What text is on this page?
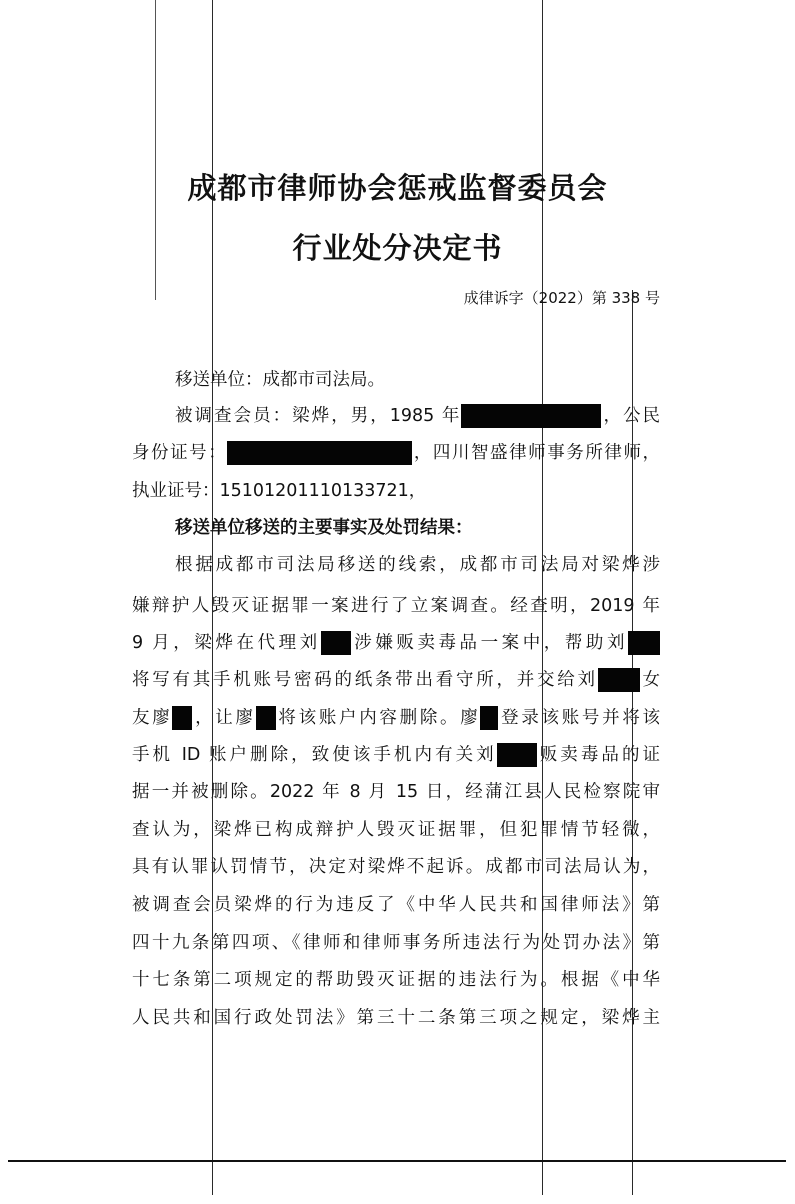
成都市律师协会惩戒监督委员会
行业处分决定书
成律诉字（2022）第 338 号
移送单位：成都市司法局。
被调查会员：梁烨，男，1985 年	，公民
身份证号：	，四川智盛律师事务所律师，
执业证号：15101201110133721，
移送单位移送的主要事实及处罚结果：
根据成都市司法局移送的线索，成都市司法局对梁烨涉
嫌辩护人毁灭证据罪一案进行了立案调查。经查明，2019 年
9 月，梁烨在代理刘 涉嫌贩卖毒品一案中，帮助刘
将写有其手机账号密码的纸条带出看守所，并交给刘 女
友廖 ，让廖 将该账户内容删除。廖 登录该账号并将该
手机 ID 账户删除，致使该手机内有关刘 贩卖毒品的证
据一并被删除。2022 年 8 月 15 日，经蒲江县人民检察院审
查认为，梁烨已构成辩护人毁灭证据罪，但犯罪情节轻微，
具有认罪认罚情节，决定对梁烨不起诉。成都市司法局认为，
被调查会员梁烨的行为违反了《中华人民共和国律师法》第
四十九条第四项、《律师和律师事务所违法行为处罚办法》第
十七条第二项规定的帮助毁灭证据的违法行为。根据《中华
人民共和国行政处罚法》第三十二条第三项之规定，梁烨主
